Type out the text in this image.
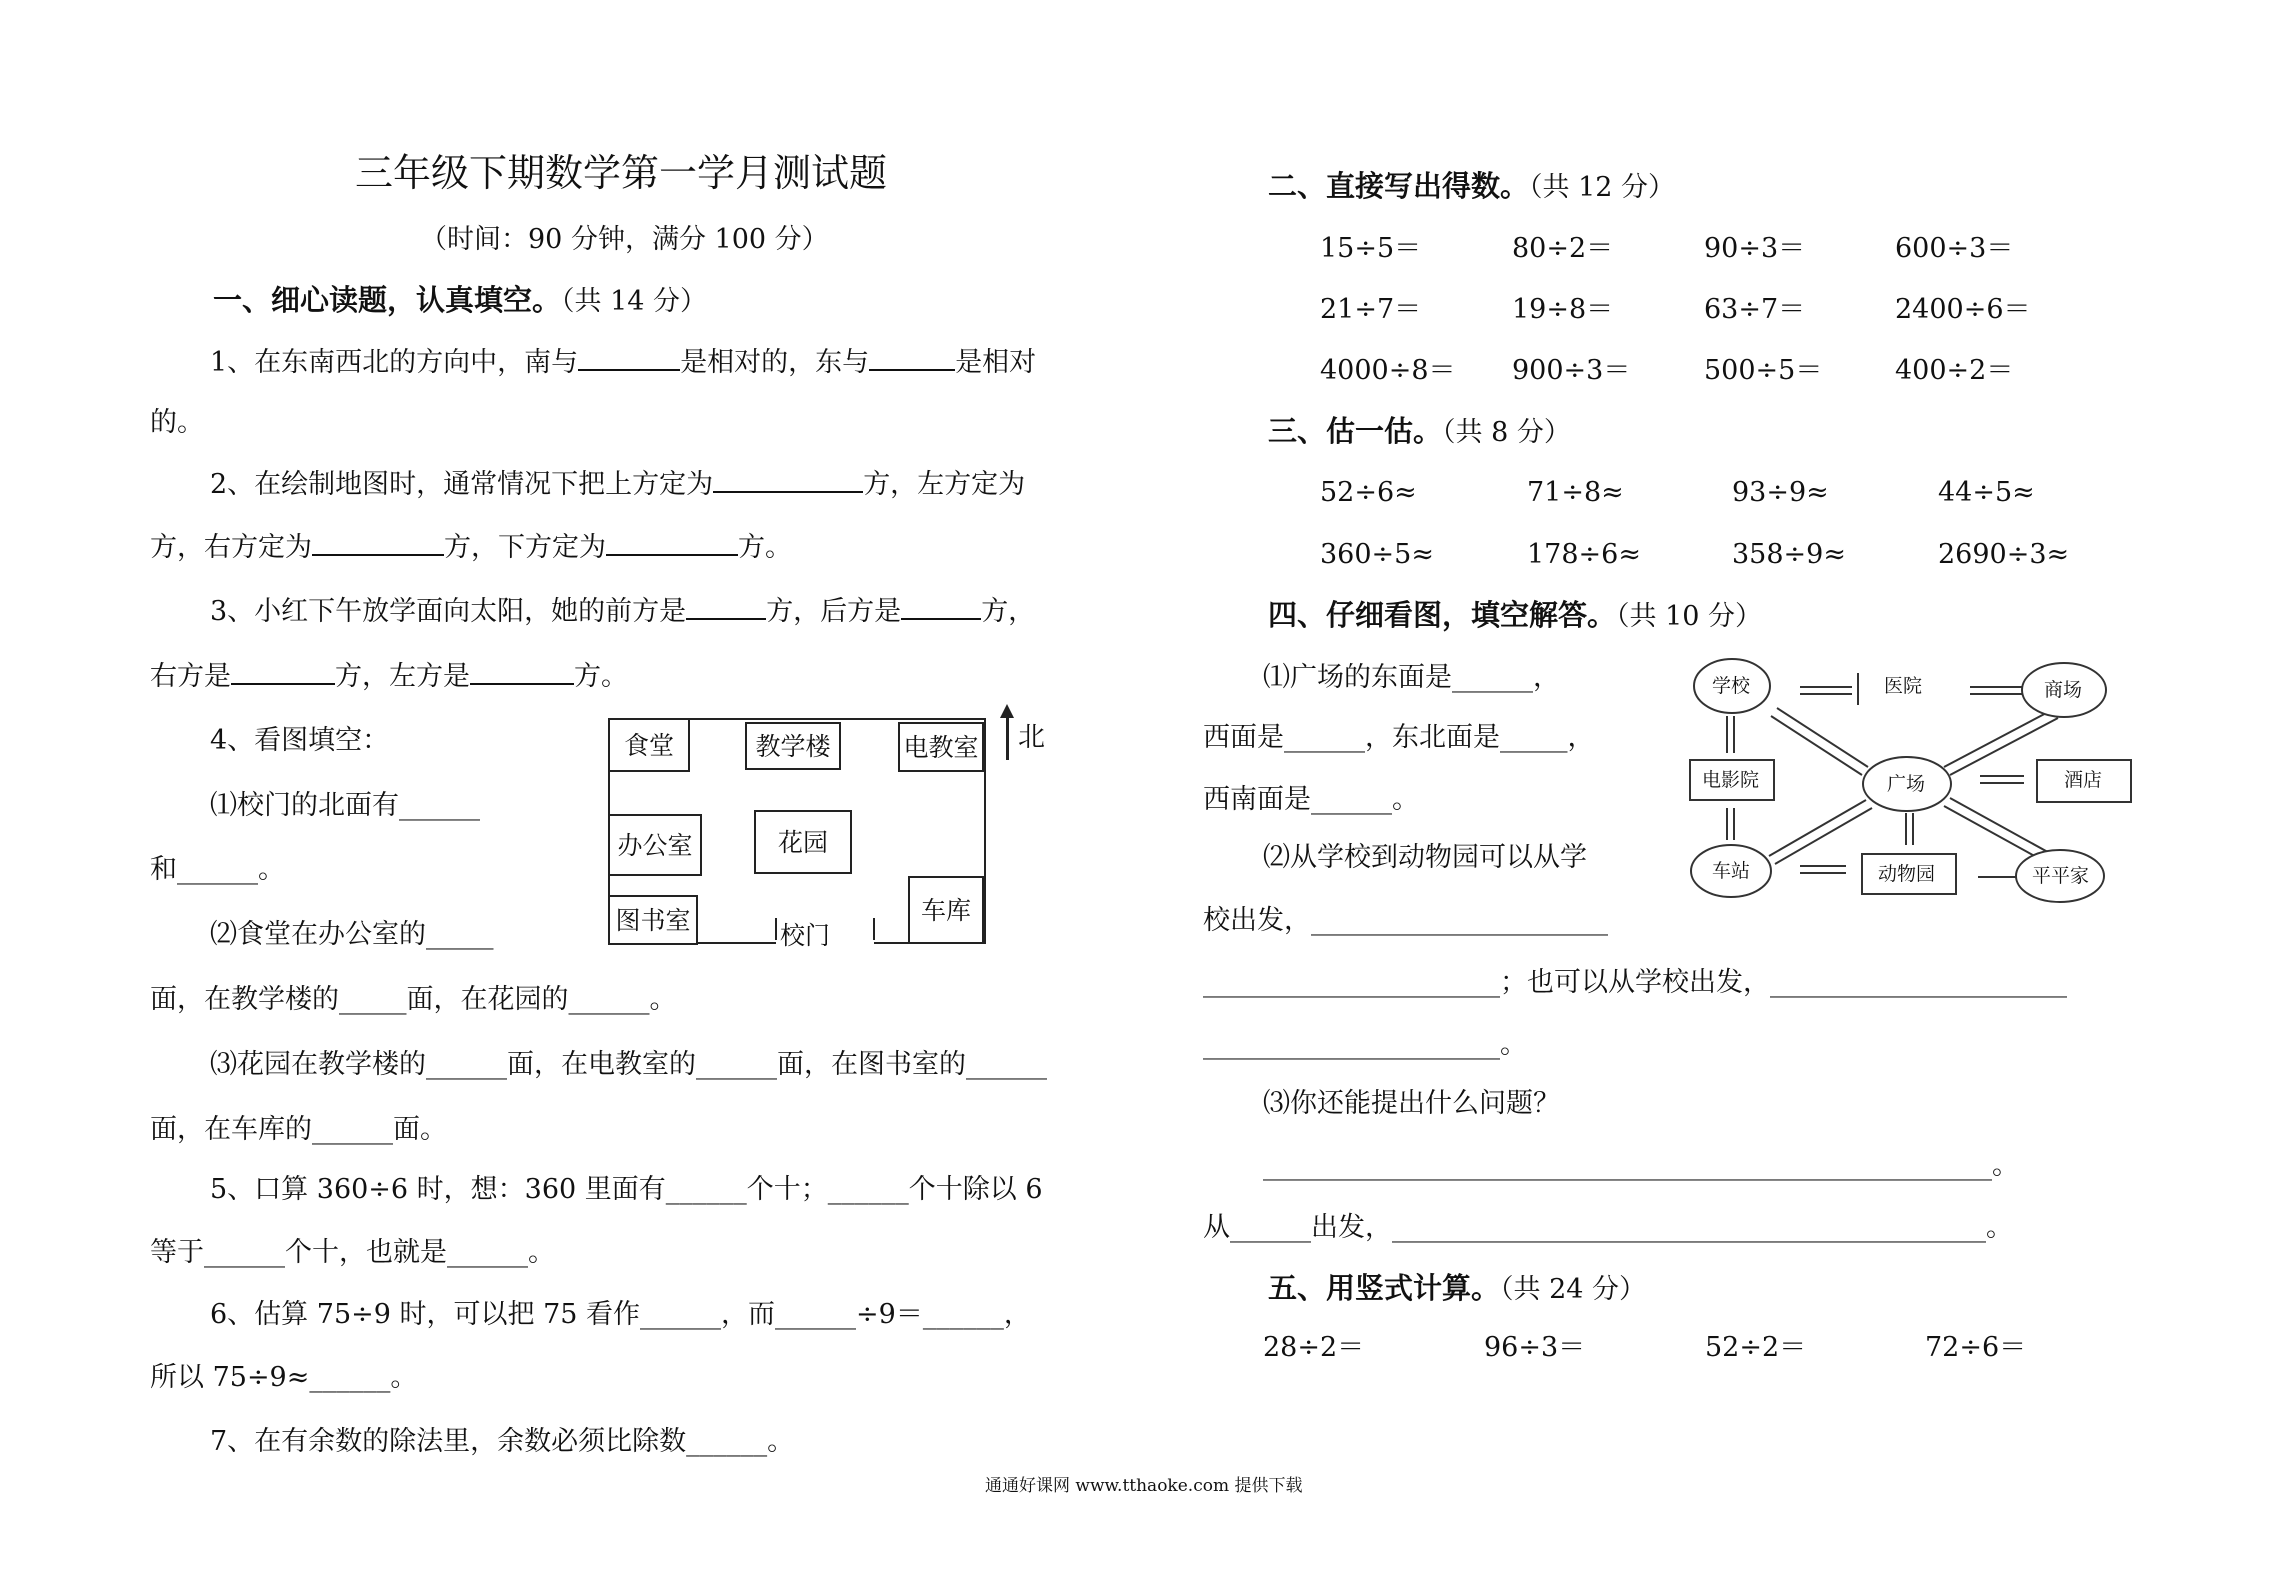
三年级下期数学第一学月测试题
（时间：90 分钟，满分 100 分）
一、细心读题，认真填空。（共 14 分）
1、在东南西北的方向中，南与	是相对的，东与	是相对
的。
2、在绘制地图时，通常情况下把上方定为	方，左方定为
方，右方定为	方，下方定为	方。
3、小红下午放学面向太阳，她的前方是	方，后方是	方，
右方是	方，左方是	方。
4、看图填空：
⑴校门的北面有______
和______。
⑵食堂在办公室的_____
面，在教学楼的_____面，在花园的______。
⑶花园在教学楼的______面，在电教室的______面，在图书室的______
面，在车库的______面。
5、口算 360÷6 时，想：360 里面有______个十；______个十除以 6
等于______个十，也就是______。
6、估算 75÷9 时，可以把 75 看作______，而______÷9＝______，
所以 75÷9≈______。
7、在有余数的除法里，余数必须比除数______。
食堂	教学楼	电教室
办公室	花园
图书室	车库
校门
北
二、直接写出得数。（共 12 分）
15÷5＝	80÷2＝	90÷3＝	600÷3＝
21÷7＝	19÷8＝	63÷7＝	2400÷6＝
4000÷8＝ 900÷3＝	500÷5＝	400÷2＝
三、估一估。（共 8 分）
52÷6≈	71÷8≈	93÷9≈	44÷5≈
360÷5≈	178÷6≈	358÷9≈	2690÷3≈
四、仔细看图，填空解答。（共 10 分）
⑴广场的东面是______，
西面是______，东北面是_____，
西南面是______。
⑵从学校到动物园可以从学
校出发，______________________
______________________；也可以从学校出发，______________________
______________________。
⑶你还能提出什么问题？
______________________________________________________。
从______出发，____________________________________________。
学校	医院	商场
电影院	广场	酒店
车站	动物园	平平家
五、用竖式计算。（共 24 分）
28÷2＝	96÷3＝	52÷2＝	72÷6＝
通通好课网 www.tthaoke.com 提供下载
